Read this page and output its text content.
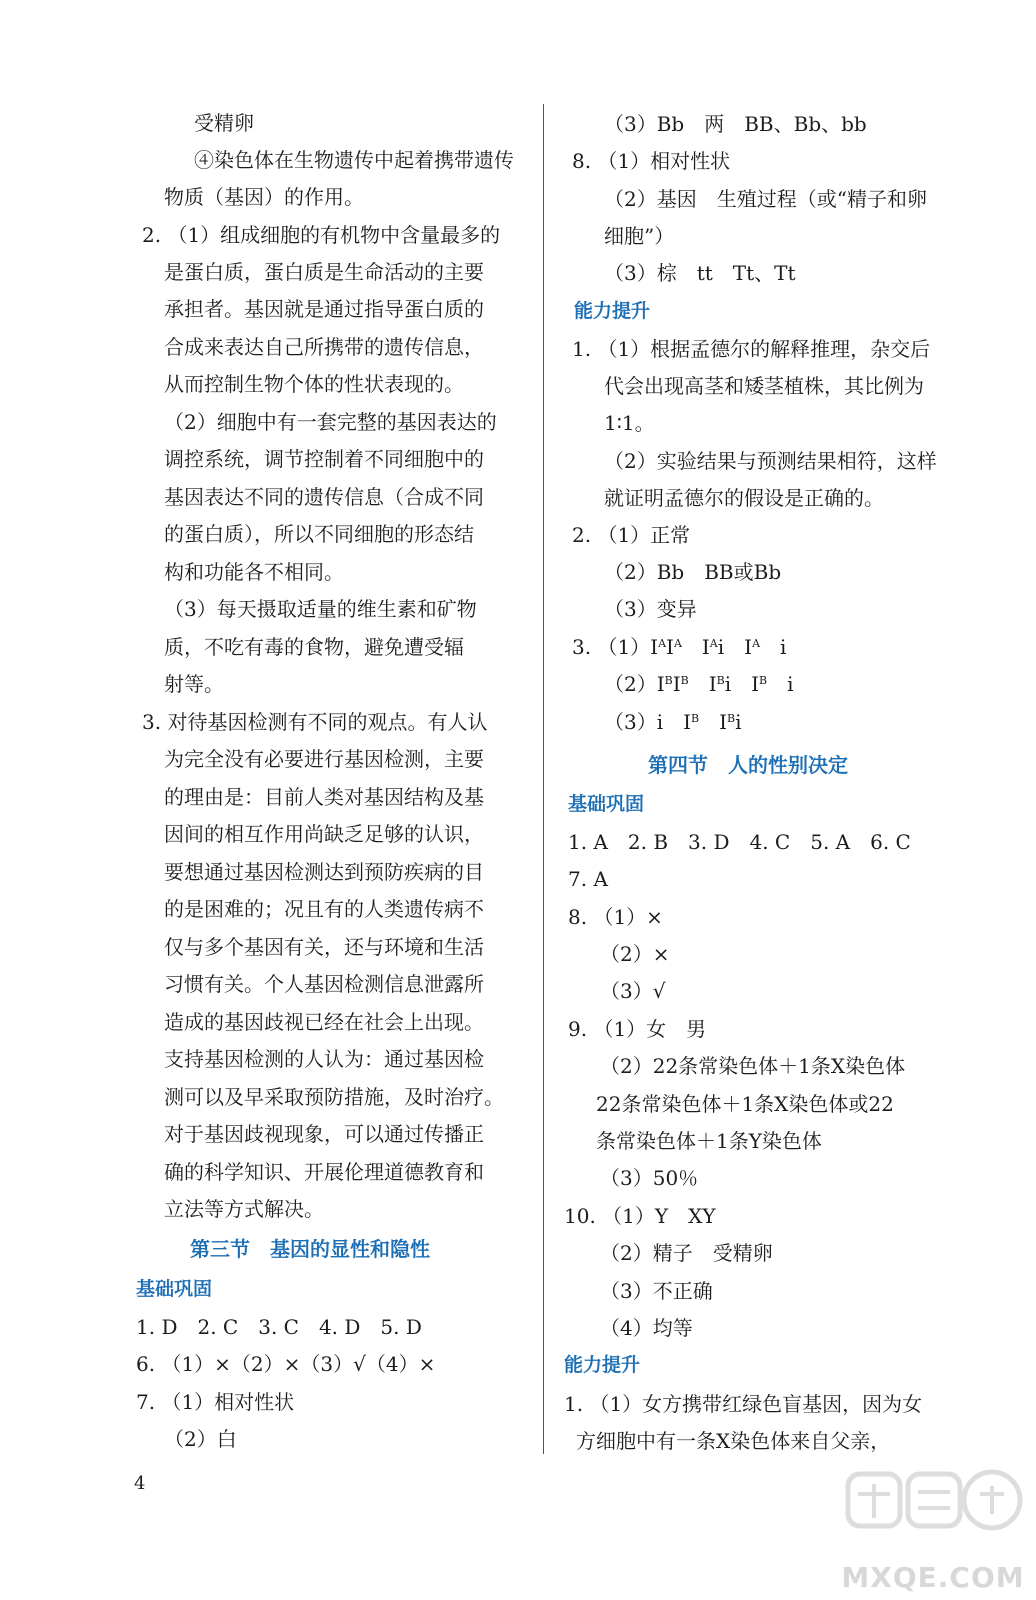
受精卵
④染色体在生物遗传中起着携带遗传
物质（基因）的作用。
2. （1）组成细胞的有机物中含量最多的
是蛋白质，蛋白质是生命活动的主要
承担者。基因就是通过指导蛋白质的
合成来表达自己所携带的遗传信息，
从而控制生物个体的性状表现的。
（2）细胞中有一套完整的基因表达的
调控系统，调节控制着不同细胞中的
基因表达不同的遗传信息（合成不同
的蛋白质），所以不同细胞的形态结
构和功能各不相同。
（3）每天摄取适量的维生素和矿物
质，不吃有毒的食物，避免遭受辐
射等。
3. 对待基因检测有不同的观点。有人认
为完全没有必要进行基因检测，主要
的理由是：目前人类对基因结构及基
因间的相互作用尚缺乏足够的认识，
要想通过基因检测达到预防疾病的目
的是困难的；况且有的人类遗传病不
仅与多个基因有关，还与环境和生活
习惯有关。个人基因检测信息泄露所
造成的基因歧视已经在社会上出现。
支持基因检测的人认为：通过基因检
测可以及早采取预防措施，及时治疗。
对于基因歧视现象，可以通过传播正
确的科学知识、开展伦理道德教育和
立法等方式解决。
第三节　基因的显性和隐性
基础巩固
1. D　2. C　3. C　4. D　5. D
6. （1）×（2）×（3）√（4）×
7. （1）相对性状
（2）白
（3）Bb　两　BB、Bb、bb
8. （1）相对性状
（2）基因　生殖过程（或“精子和卵
细胞”）
（3）棕　tt　Tt、Tt
能力提升
1. （1）根据孟德尔的解释推理，杂交后
代会出现高茎和矮茎植株，其比例为
1∶1。
（2）实验结果与预测结果相符，这样
就证明孟德尔的假设是正确的。
2. （1）正常
（2）Bb　BB或Bb
（3）变异
3. $(1)I^AI^A$　 $I^Ai$　 $I^A$　 i
$(2)I^BI^B$　 $I^Bi$　 $I^B$　 i
（3）i　 $I^B$　 $I^Bi$
第四节　人的性别决定
基础巩固
1. A　2. B　3. D　4. C　5. A　6. C
7. A
8. （1）×
（2）×
（3）√
9. （1）女　男
（2）22条常染色体＋1条X染色体
22条常染色体＋1条X染色体或22
条常染色体＋1条Y染色体
（3）50％
10. （1）Y　XY
（2）精子　受精卵
（3）不正确
（4）均等
能力提升
1. （1）女方携带红绿色盲基因，因为女
方细胞中有一条X染色体来自父亲，
4
MXQE.COM
